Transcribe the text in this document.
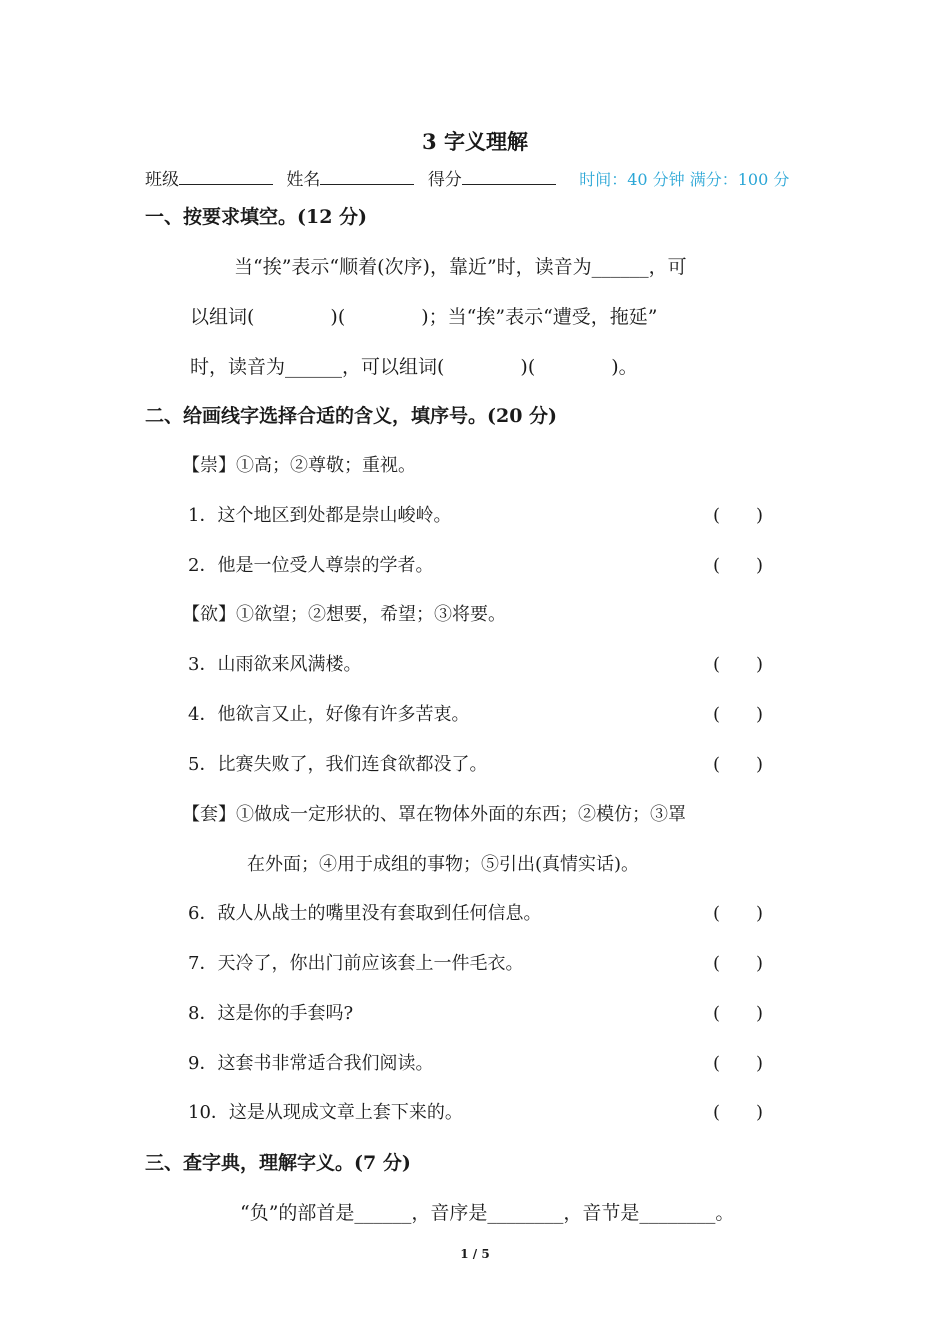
3 字义理解
班级	姓名	得分	时间：40 分钟 满分：100 分
一、按要求填空。(12 分)
当“挨”表示“顺着(次序)，靠近”时，读音为______，可
以组词(　　　　)(　　　　)；当“挨”表示“遭受，拖延”
时，读音为______，可以组词(　　　　)(　　　　)。
二、给画线字选择合适的含义，填序号。(20 分)
【崇】①高；②尊敬；重视。
1．这个地区到处都是崇山峻岭。	(　　)
2．他是一位受人尊崇的学者。	(　　)
【欲】①欲望；②想要，希望；③将要。
3．山雨欲来风满楼。	(　　)
4．他欲言又止，好像有许多苦衷。	(　　)
5．比赛失败了，我们连食欲都没了。	(　　)
【套】①做成一定形状的、罩在物体外面的东西；②模仿；③罩
在外面；④用于成组的事物；⑤引出(真情实话)。
6．敌人从战士的嘴里没有套取到任何信息。	(　　)
7．天冷了，你出门前应该套上一件毛衣。	(　　)
8．这是你的手套吗?	(　　)
9．这套书非常适合我们阅读。	(　　)
10．这是从现成文章上套下来的。	(　　)
三、查字典，理解字义。(7 分)
“负”的部首是______，音序是________，音节是________。
1 / 5
